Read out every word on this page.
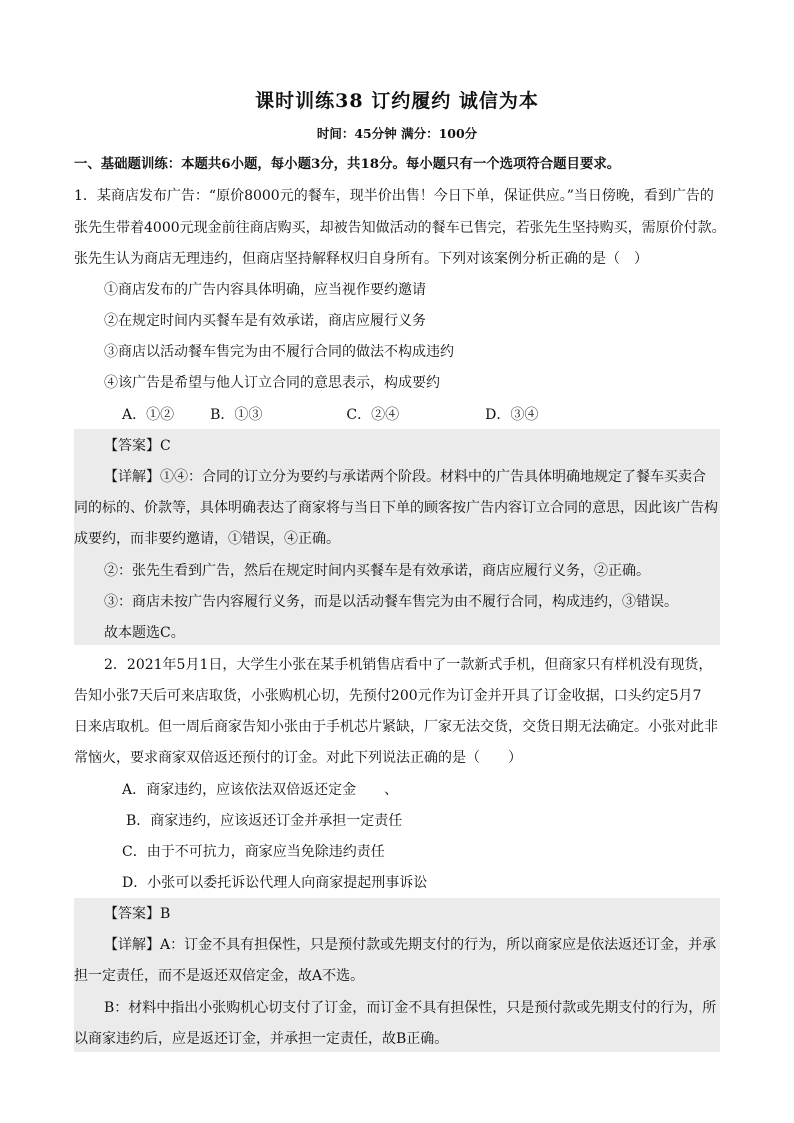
课时训练38 订约履约 诚信为本
时间：45分钟 满分：100分
一、基础题训练：本题共6小题，每小题3分，共18分。每小题只有一个选项符合题目要求。
1．某商店发布广告：“原价8000元的餐车，现半价出售！今日下单，保证供应。”当日傍晚，看到广告的
张先生带着4000元现金前往商店购买，却被告知做活动的餐车已售完，若张先生坚持购买，需原价付款。
张先生认为商店无理违约，但商店坚持解释权归自身所有。下列对该案例分析正确的是（　）
①商店发布的广告内容具体明确，应当视作要约邀请
②在规定时间内买餐车是有效承诺，商店应履行义务
③商店以活动餐车售完为由不履行合同的做法不构成违约
④该广告是希望与他人订立合同的意思表示，构成要约
A．①②	B．①③	C．②④	D．③④
【答案】C
【详解】①④：合同的订立分为要约与承诺两个阶段。材料中的广告具体明确地规定了餐车买卖合
同的标的、价款等，具体明确表达了商家将与当日下单的顾客按广告内容订立合同的意思，因此该广告构
成要约，而非要约邀请，①错误，④正确。
②：张先生看到广告，然后在规定时间内买餐车是有效承诺，商店应履行义务，②正确。
③：商店未按广告内容履行义务，而是以活动餐车售完为由不履行合同，构成违约，③错误。
故本题选C。
2．2021年5月1日，大学生小张在某手机销售店看中了一款新式手机，但商家只有样机没有现货，
告知小张7天后可来店取货，小张购机心切，先预付200元作为订金并开具了订金收据，口头约定5月7
日来店取机。但一周后商家告知小张由于手机芯片紧缺，厂家无法交货，交货日期无法确定。小张对此非
常恼火，要求商家双倍返还预付的订金。对此下列说法正确的是（　　）
A．商家违约，应该依法双倍返还定金　　、
B．商家违约，应该返还订金并承担一定责任
C．由于不可抗力，商家应当免除违约责任
D．小张可以委托诉讼代理人向商家提起刑事诉讼
【答案】B
【详解】A：订金不具有担保性，只是预付款或先期支付的行为，所以商家应是依法返还订金，并承
担一定责任，而不是返还双倍定金，故A不选。
B：材料中指出小张购机心切支付了订金，而订金不具有担保性，只是预付款或先期支付的行为，所
以商家违约后，应是返还订金，并承担一定责任，故B正确。
